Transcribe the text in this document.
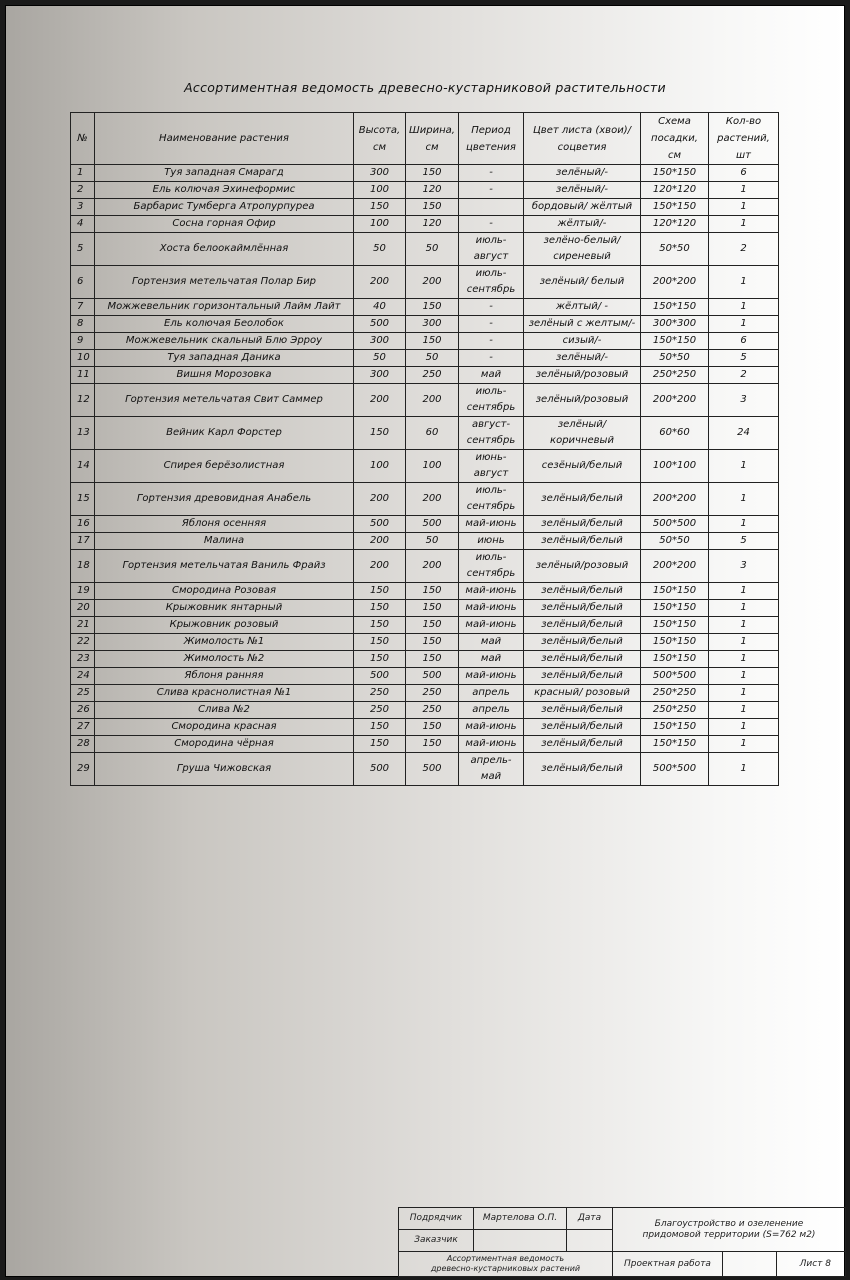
Ассортиментная ведомость древесно-кустарниковой растительности
№	Наименование растения	Высота, см	Ширина, см	Период цветения	Цвет листа (хвои)/ соцветия	Схема посадки, см	Кол-во растений, шт
1	Туя западная Смарагд	300	150	-	зелёный/-	150*150	6
2	Ель колючая Эхинеформис	100	120	-	зелёный/-	120*120	1
3	Барбарис Тумберга Атропурпуреа	150	150		бордовый/ жёлтый	150*150	1
4	Сосна горная Офир	100	120	-	жёлтый/-	120*120	1
5	Хоста белоокаймлённая	50	50	июль-август	зелёно-белый/ сиреневый	50*50	2
6	Гортензия метельчатая Полар Бир	200	200	июль-сентябрь	зелёный/ белый	200*200	1
7	Можжевельник горизонтальный Лайм Лайт	40	150	-	жёлтый/ -	150*150	1
8	Ель колючая Беолобок	500	300	-	зелёный с желтым/-	300*300	1
9	Можжевельник скальный Блю Эрроу	300	150	-	сизый/-	150*150	6
10	Туя западная Даника	50	50	-	зелёный/-	50*50	5
11	Вишня Морозовка	300	250	май	зелёный/розовый	250*250	2
12	Гортензия метельчатая Свит Саммер	200	200	июль-сентябрь	зелёный/розовый	200*200	3
13	Вейник Карл Форстер	150	60	август-сентябрь	зелёный/коричневый	60*60	24
14	Спирея берёзолистная	100	100	июнь-август	сезёный/белый	100*100	1
15	Гортензия древовидная Анабель	200	200	июль-сентябрь	зелёный/белый	200*200	1
16	Яблоня осенняя	500	500	май-июнь	зелёный/белый	500*500	1
17	Малина	200	50	июнь	зелёный/белый	50*50	5
18	Гортензия метельчатая Ваниль Фрайз	200	200	июль-сентябрь	зелёный/розовый	200*200	3
19	Смородина Розовая	150	150	май-июнь	зелёный/белый	150*150	1
20	Крыжовник янтарный	150	150	май-июнь	зелёный/белый	150*150	1
21	Крыжовник розовый	150	150	май-июнь	зелёный/белый	150*150	1
22	Жимолость №1	150	150	май	зелёный/белый	150*150	1
23	Жимолость №2	150	150	май	зелёный/белый	150*150	1
24	Яблоня ранняя	500	500	май-июнь	зелёный/белый	500*500	1
25	Слива краснолистная №1	250	250	апрель	красный/ розовый	250*250	1
26	Слива №2	250	250	апрель	зелёный/белый	250*250	1
27	Смородина красная	150	150	май-июнь	зелёный/белый	150*150	1
28	Смородина чёрная	150	150	май-июнь	зелёный/белый	150*150	1
29	Груша Чижовская	500	500	апрель-май	зелёный/белый	500*500	1
Подрядчик	Мартелова О.П.	Дата
Заказчик
Благоустройство и озеленение придомовой территории (S=762 м2)
Ассортиментная ведомость древесно-кустарниковых растений	Проектная работа	Лист 8
